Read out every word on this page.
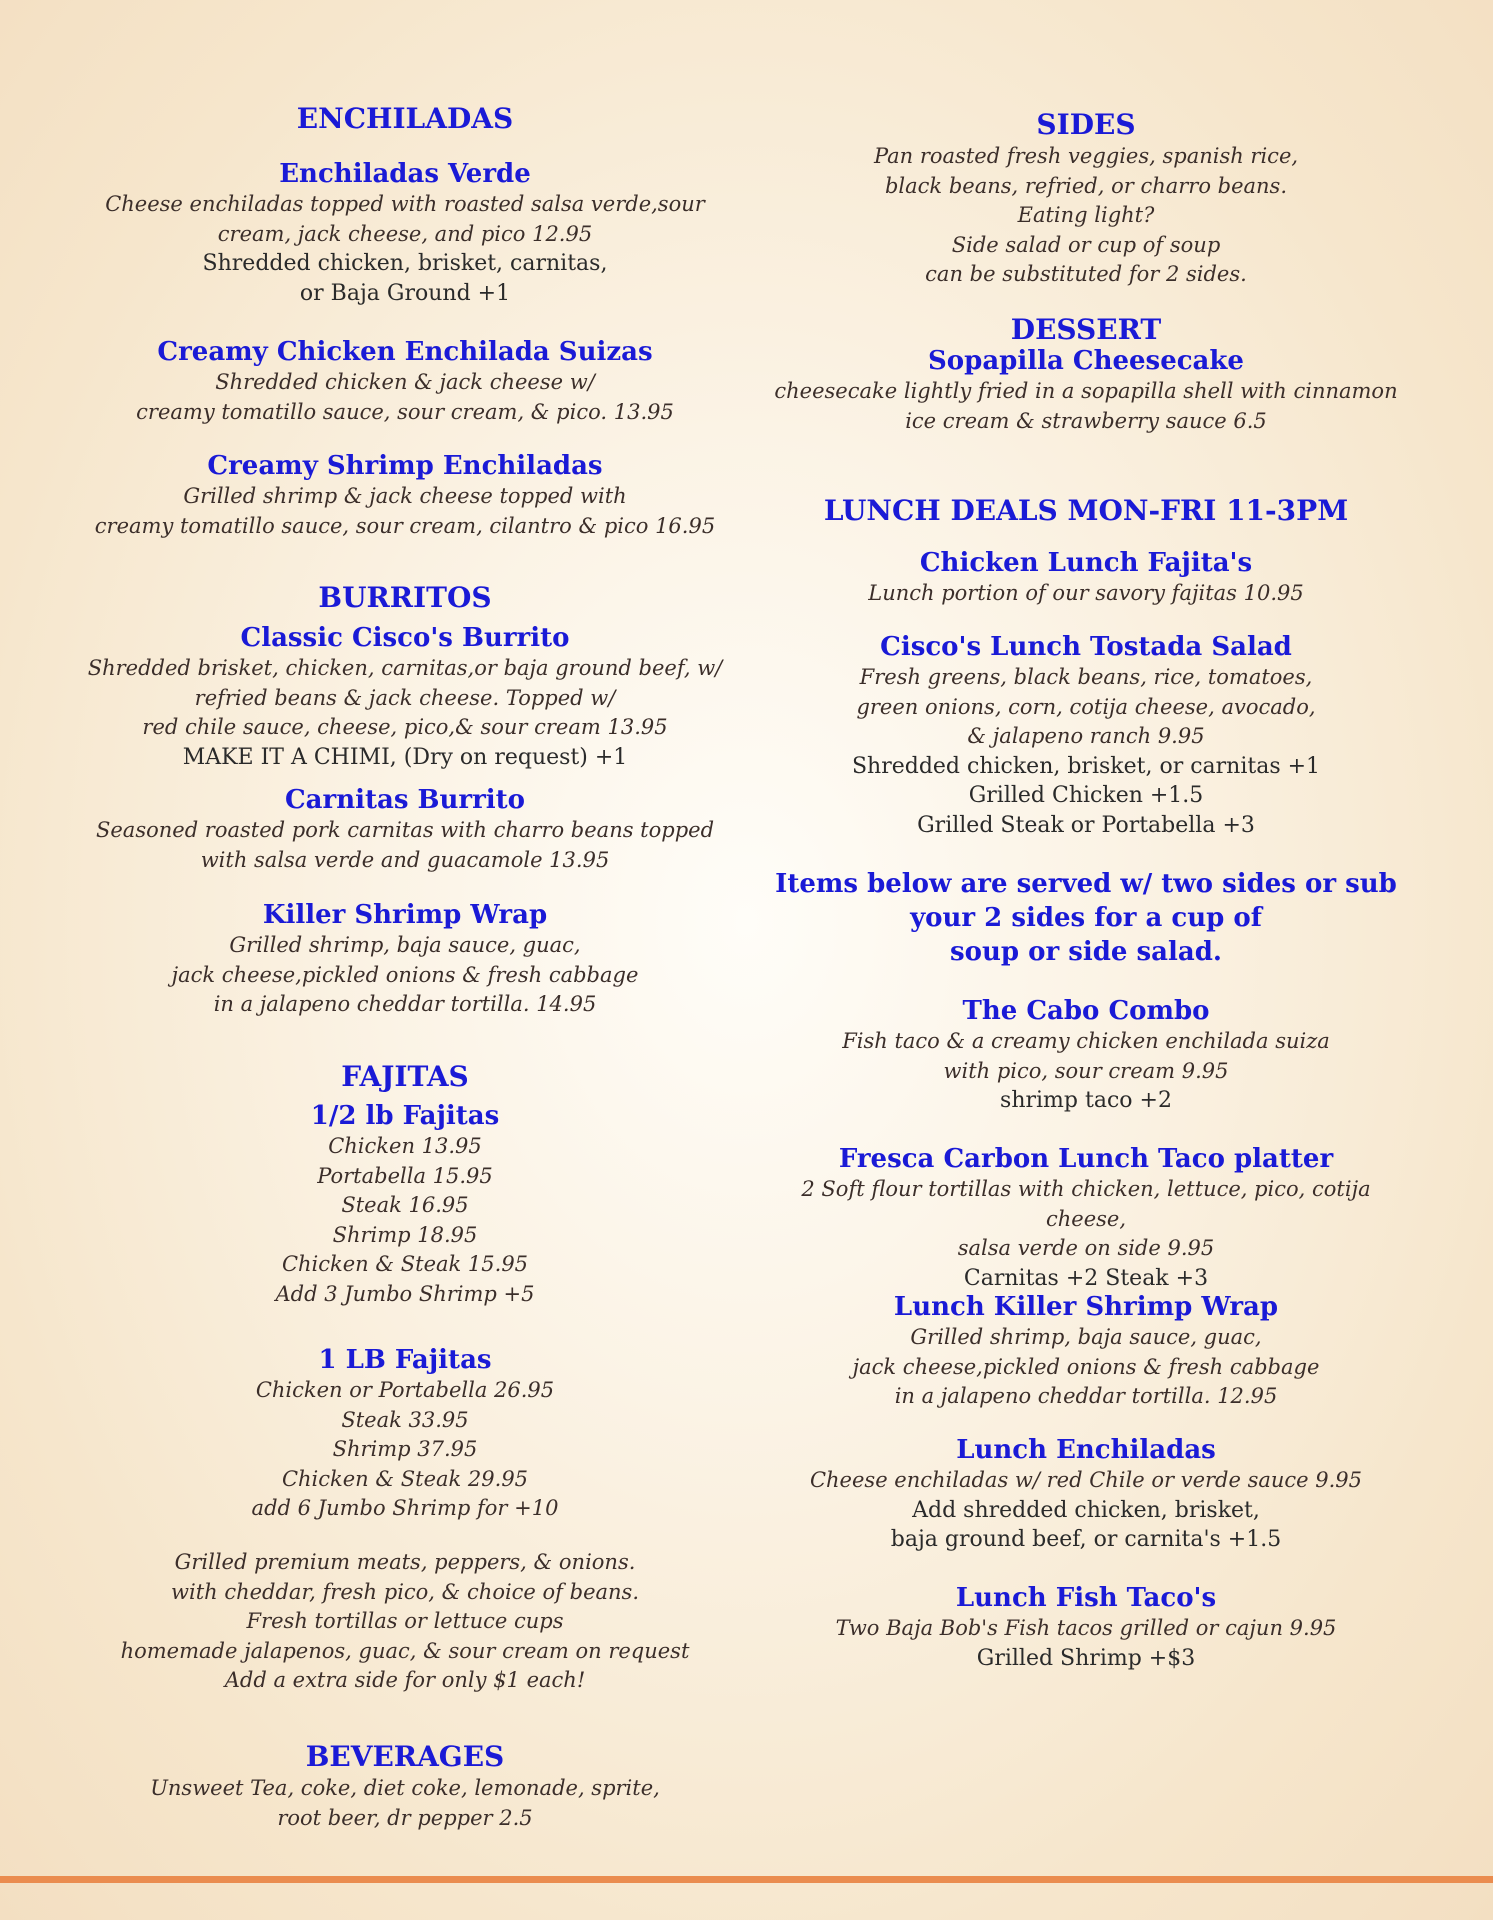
ENCHILADAS
Enchiladas Verde
Cheese enchiladas topped with roasted salsa verde,sour
cream, jack cheese, and pico 12.95
Shredded chicken, brisket, carnitas,
or Baja Ground +1
Creamy Chicken Enchilada Suizas
Shredded chicken & jack cheese w/
creamy tomatillo sauce, sour cream, & pico. 13.95
Creamy Shrimp Enchiladas
Grilled shrimp & jack cheese topped with
creamy tomatillo sauce, sour cream, cilantro & pico 16.95
BURRITOS
Classic Cisco's Burrito
Shredded brisket, chicken, carnitas,or baja ground beef, w/
refried beans & jack cheese. Topped w/
red chile sauce, cheese, pico,& sour cream 13.95
MAKE IT A CHIMI, (Dry on request) +1
Carnitas Burrito
Seasoned roasted pork carnitas with charro beans topped
with salsa verde and guacamole 13.95
Killer Shrimp Wrap
Grilled shrimp, baja sauce, guac,
jack cheese,pickled onions & fresh cabbage
in a jalapeno cheddar tortilla. 14.95
FAJITAS
1/2 lb Fajitas
Chicken 13.95
Portabella 15.95
Steak 16.95
Shrimp 18.95
Chicken & Steak 15.95
Add 3 Jumbo Shrimp +5
1 LB Fajitas
Chicken or Portabella 26.95
Steak 33.95
Shrimp 37.95
Chicken & Steak 29.95
add 6 Jumbo Shrimp for +10
Grilled premium meats, peppers, & onions.
with cheddar, fresh pico, & choice of beans.
Fresh tortillas or lettuce cups
homemade jalapenos, guac, & sour cream on request
Add a extra side for only $1 each!
BEVERAGES
Unsweet Tea, coke, diet coke, lemonade, sprite,
root beer, dr pepper 2.5
SIDES
Pan roasted fresh veggies, spanish rice,
black beans, refried, or charro beans.
Eating light?
Side salad or cup of soup
can be substituted for 2 sides.
DESSERT
Sopapilla Cheesecake
cheesecake lightly fried in a sopapilla shell with cinnamon
ice cream & strawberry sauce 6.5
LUNCH DEALS MON-FRI 11-3PM
Chicken Lunch Fajita's
Lunch portion of our savory fajitas 10.95
Cisco's Lunch Tostada Salad
Fresh greens, black beans, rice, tomatoes,
green onions, corn, cotija cheese, avocado,
& jalapeno ranch 9.95
Shredded chicken, brisket, or carnitas +1
Grilled Chicken +1.5
Grilled Steak or Portabella +3
Items below are served w/ two sides or sub
your 2 sides for a cup of
soup or side salad.
The Cabo Combo
Fish taco & a creamy chicken enchilada suiza
with pico, sour cream 9.95
shrimp taco +2
Fresca Carbon Lunch Taco platter
2 Soft flour tortillas with chicken, lettuce, pico, cotija cheese,
salsa verde on side 9.95
Carnitas +2 Steak +3
Lunch Killer Shrimp Wrap
Grilled shrimp, baja sauce, guac,
jack cheese,pickled onions & fresh cabbage
in a jalapeno cheddar tortilla. 12.95
Lunch Enchiladas
Cheese enchiladas w/ red Chile or verde sauce 9.95
Add shredded chicken, brisket,
baja ground beef, or carnita's +1.5
Lunch Fish Taco's
Two Baja Bob's Fish tacos grilled or cajun 9.95
Grilled Shrimp +$3
